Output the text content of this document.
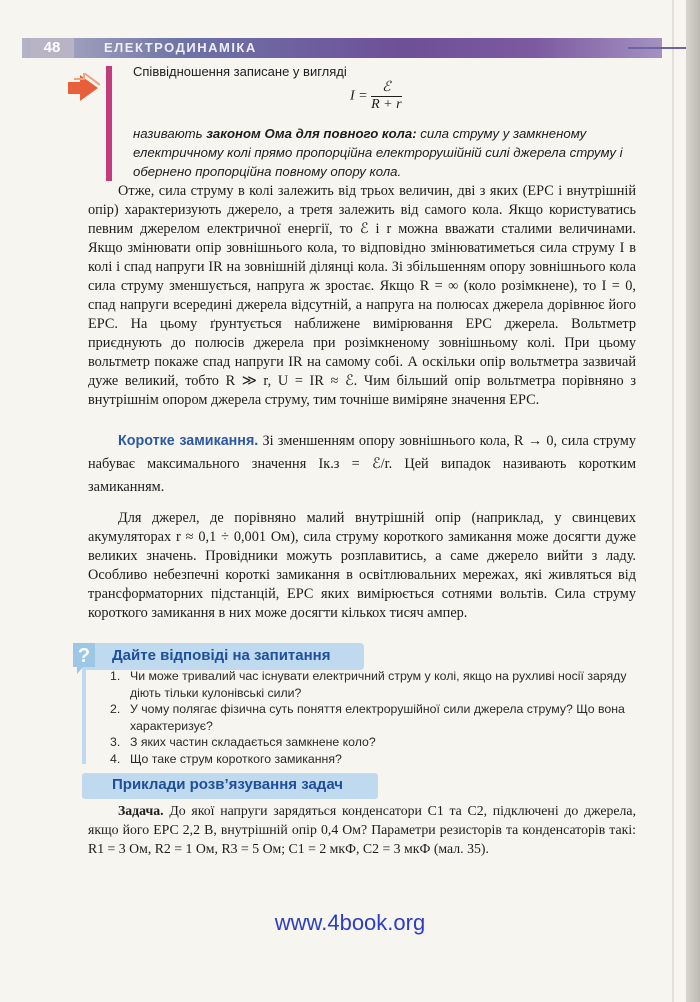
48	ЕЛЕКТРОДИНАМІКА
Співвідношення записане у вигляді
$I = \frac{\text{ℰ}}{R + r}$
називають законом Ома для повного кола: сила струму у замкненому електричному колі прямо пропорційна електрорушійній силі джерела струму і обернено пропорційна повному опору кола.
Отже, сила струму в колі залежить від трьох величин, дві з яких (ЕРС і внутрішній опір) характеризують джерело, а третя залежить від самого кола. Якщо користуватись певним джерелом електричної енергії, то ℰ і r можна вважати сталими величинами. Якщо змінювати опір зовнішнього кола, то відповідно змінюватиметься сила струму I в колі і спад напруги IR на зовнішній ділянці кола. Зі збільшенням опору зовнішнього кола сила струму зменшується, напруга ж зростає. Якщо R = ∞ (коло розімкнене), то I = 0, спад напруги всередині джерела відсутній, а напруга на полюсах джерела дорівнює його ЕРС. На цьому ґрунтується наближене вимірювання ЕРС джерела. Вольтметр приєднують до полюсів джерела при розімкненому зовнішньому колі. При цьому вольтметр покаже спад напруги IR на самому собі. А оскільки опір вольтметра зазвичай дуже великий, тобто R ≫ r, U = IR ≈ ℰ. Чим більший опір вольтметра порівняно з внутрішнім опором джерела струму, тим точніше виміряне значення ЕРС.
Коротке замикання. Зі зменшенням опору зовнішнього кола, R → 0, сила струму набуває максимального значення Iк.з = ℰ/r. Цей випадок називають коротким замиканням.
Для джерел, де порівняно малий внутрішній опір (наприклад, у свинцевих акумуляторах r ≈ 0,1 ÷ 0,001 Ом), сила струму короткого замикання може досягти дуже великих значень. Провідники можуть розплавитись, а саме джерело вийти з ладу. Особливо небезпечні короткі замикання в освітлювальних мережах, які живляться від трансформаторних підстанцій, ЕРС яких вимірюється сотнями вольтів. Сила струму короткого замикання в них може досягти кількох тисяч ампер.
? Дайте відповіді на запитання
1. Чи може тривалий час існувати електричний струм у колі, якщо на рухливі носії заряду діють тільки кулонівські сили?
2. У чому полягає фізична суть поняття електрорушійної сили джерела струму? Що вона характеризує?
3. З яких частин складається замкнене коло?
4. Що таке струм короткого замикання?
Приклади розв’язування задач
Задача. До якої напруги зарядяться конденсатори C1 та C2, підключені до джерела, якщо його ЕРС 2,2 В, внутрішній опір 0,4 Ом? Параметри резисторів та конденсаторів такі: R1 = 3 Ом, R2 = 1 Ом, R3 = 5 Ом; C1 = 2 мкФ, C2 = 3 мкФ (мал. 35).
www.4book.org
